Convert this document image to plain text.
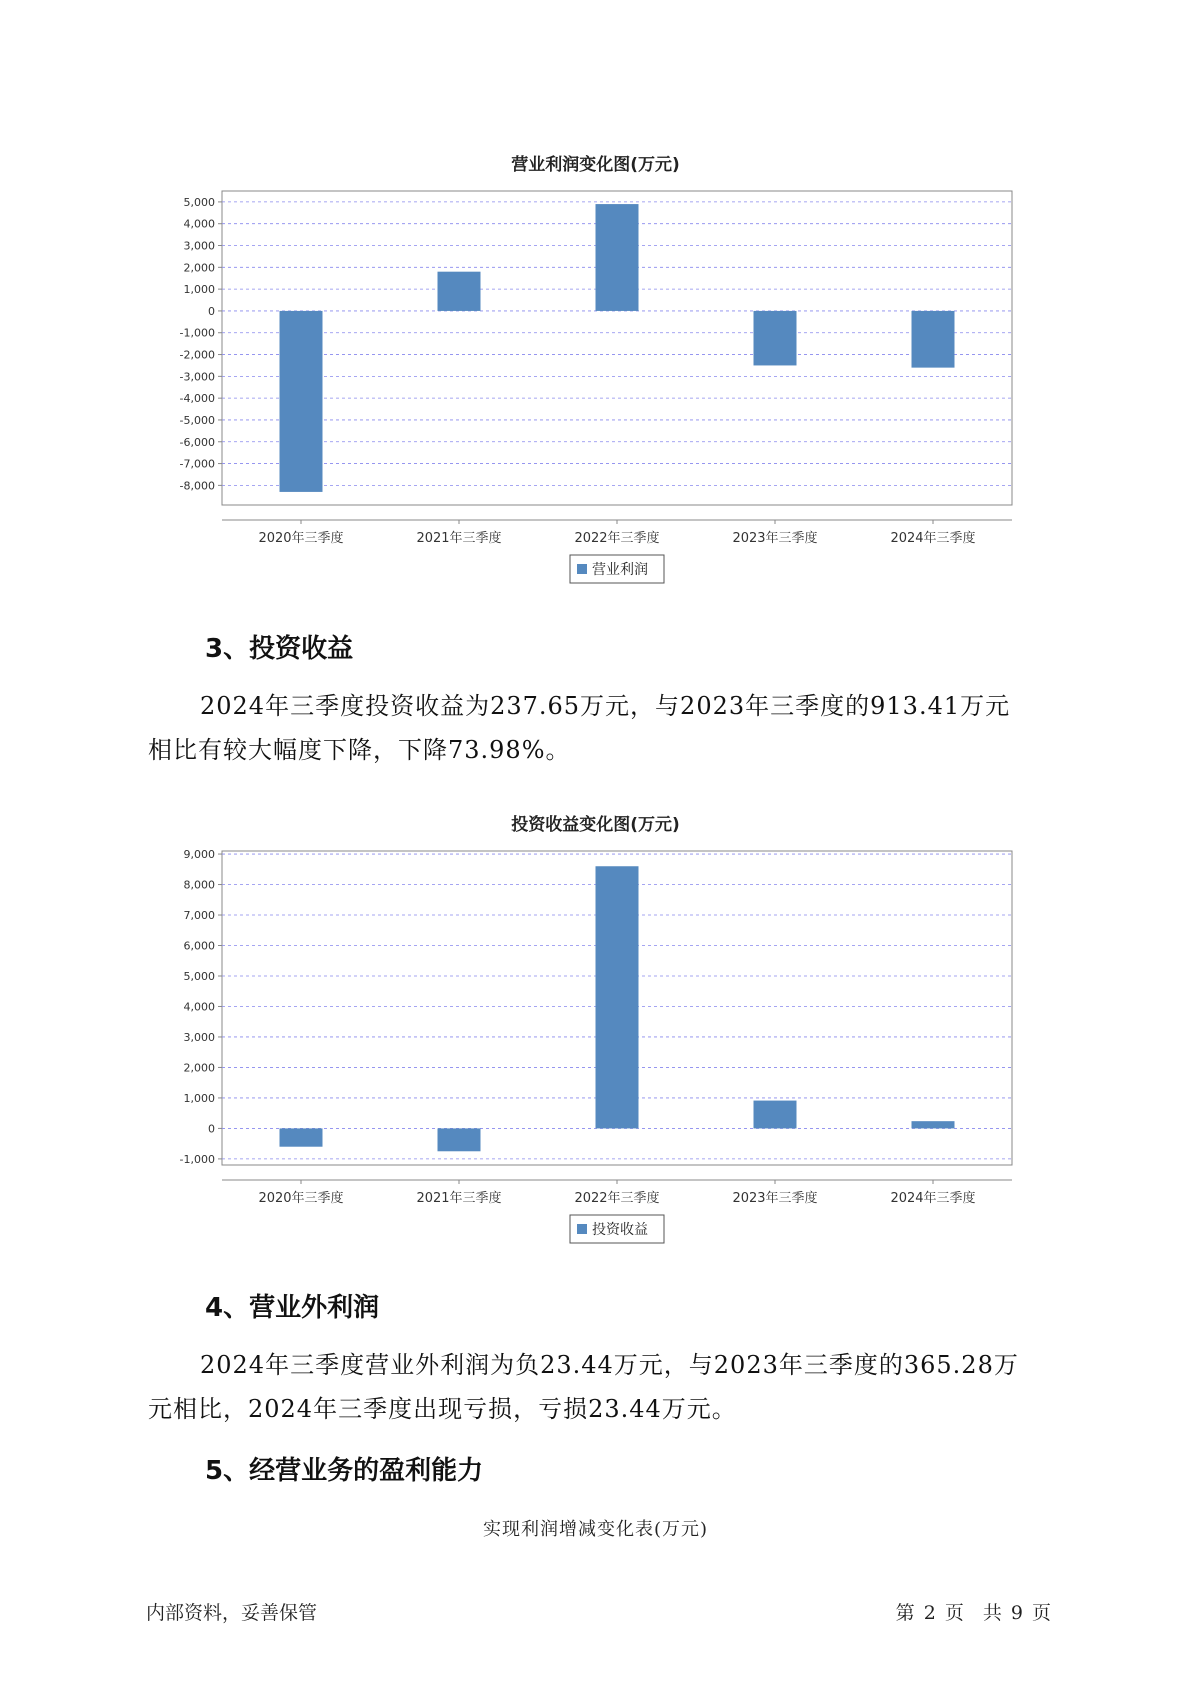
营业利润变化图(万元)
5,000
4,000
3,000
2,000
1,000
0
-1,000
-2,000
-3,000
-4,000
-5,000
-6,000
-7,000
-8,000
2020年三季度	2021年三季度	2022年三季度	2023年三季度	2024年三季度
营业利润
3、投资收益
2024年三季度投资收益为237.65万元，与2023年三季度的913.41万元
相比有较大幅度下降，下降73.98%。
投资收益变化图(万元)
9,000
8,000
7,000
6,000
5,000
4,000
3,000
2,000
1,000
0
-1,000
2020年三季度	2021年三季度	2022年三季度	2023年三季度	2024年三季度
投资收益
4、营业外利润
2024年三季度营业外利润为负23.44万元，与2023年三季度的365.28万
元相比，2024年三季度出现亏损，亏损23.44万元。
5、经营业务的盈利能力
实现利润增减变化表(万元)
内部资料，妥善保管	第 2 页　共 9 页
